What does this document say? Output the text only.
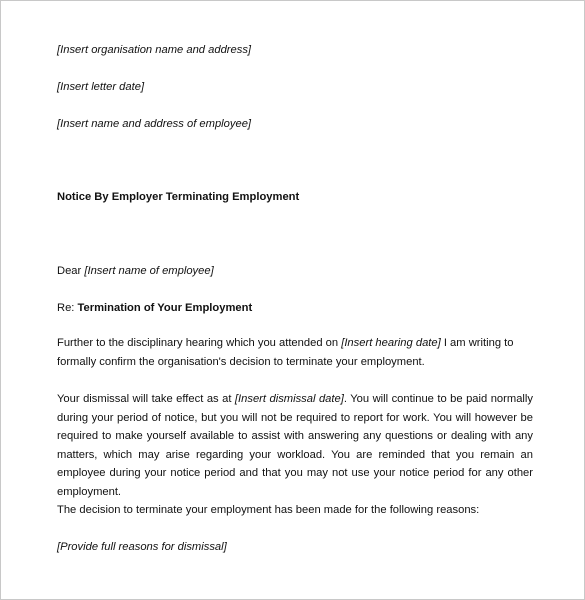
[Insert organisation name and address]
[Insert letter date]
[Insert name and address of employee]
Notice By Employer Terminating Employment
Dear [Insert name of employee]
Re: Termination of Your Employment
Further to the disciplinary hearing which you attended on [Insert hearing date] I am writing to formally confirm the organisation's decision to terminate your employment.
Your dismissal will take effect as at [Insert dismissal date]. You will continue to be paid normally during your period of notice, but you will not be required to report for work. You will however be required to make yourself available to assist with answering any questions or dealing with any matters, which may arise regarding your workload. You are reminded that you remain an employee during your notice period and that you may not use your notice period for any other employment.
The decision to terminate your employment has been made for the following reasons:
[Provide full reasons for dismissal]
